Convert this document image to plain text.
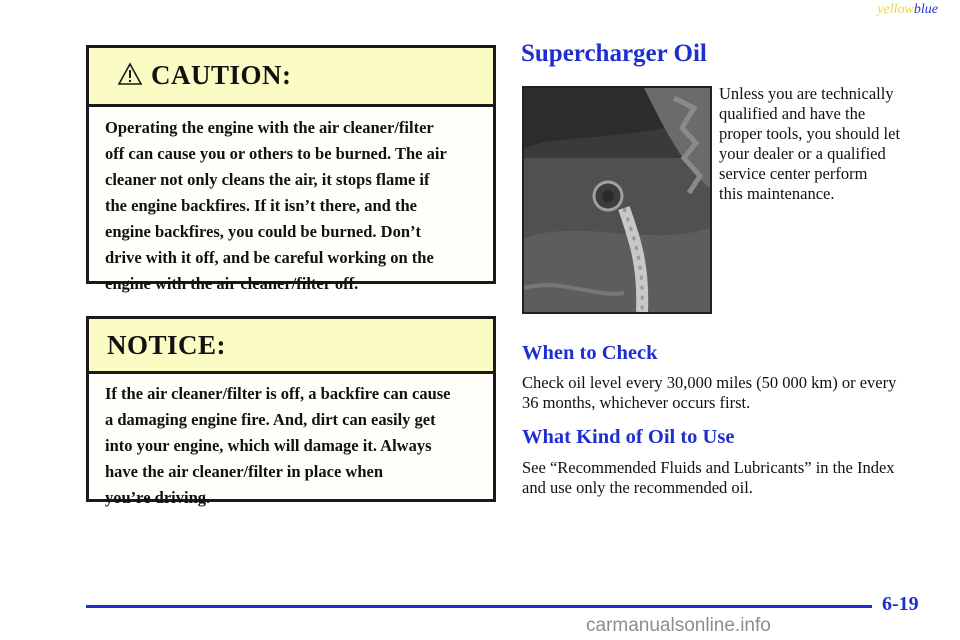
yellowblue
CAUTION:
Operating the engine with the air cleaner/filter
off can cause you or others to be burned. The air
cleaner not only cleans the air, it stops flame if
the engine backfires. If it isn’t there, and the
engine backfires, you could be burned. Don’t
drive with it off, and be careful working on the
engine with the air cleaner/filter off.
NOTICE:
If the air cleaner/filter is off, a backfire can cause
a damaging engine fire. And, dirt can easily get
into your engine, which will damage it. Always
have the air cleaner/filter in place when
you’re driving.
Supercharger Oil
Unless you are technically
qualified and have the
proper tools, you should let
your dealer or a qualified
service center perform
this maintenance.
When to Check
Check oil level every 30,000 miles (50 000 km) or every
36 months, whichever occurs first.
What Kind of Oil to Use
See “Recommended Fluids and Lubricants” in the Index
and use only the recommended oil.
6-19
carmanualsonline.info
